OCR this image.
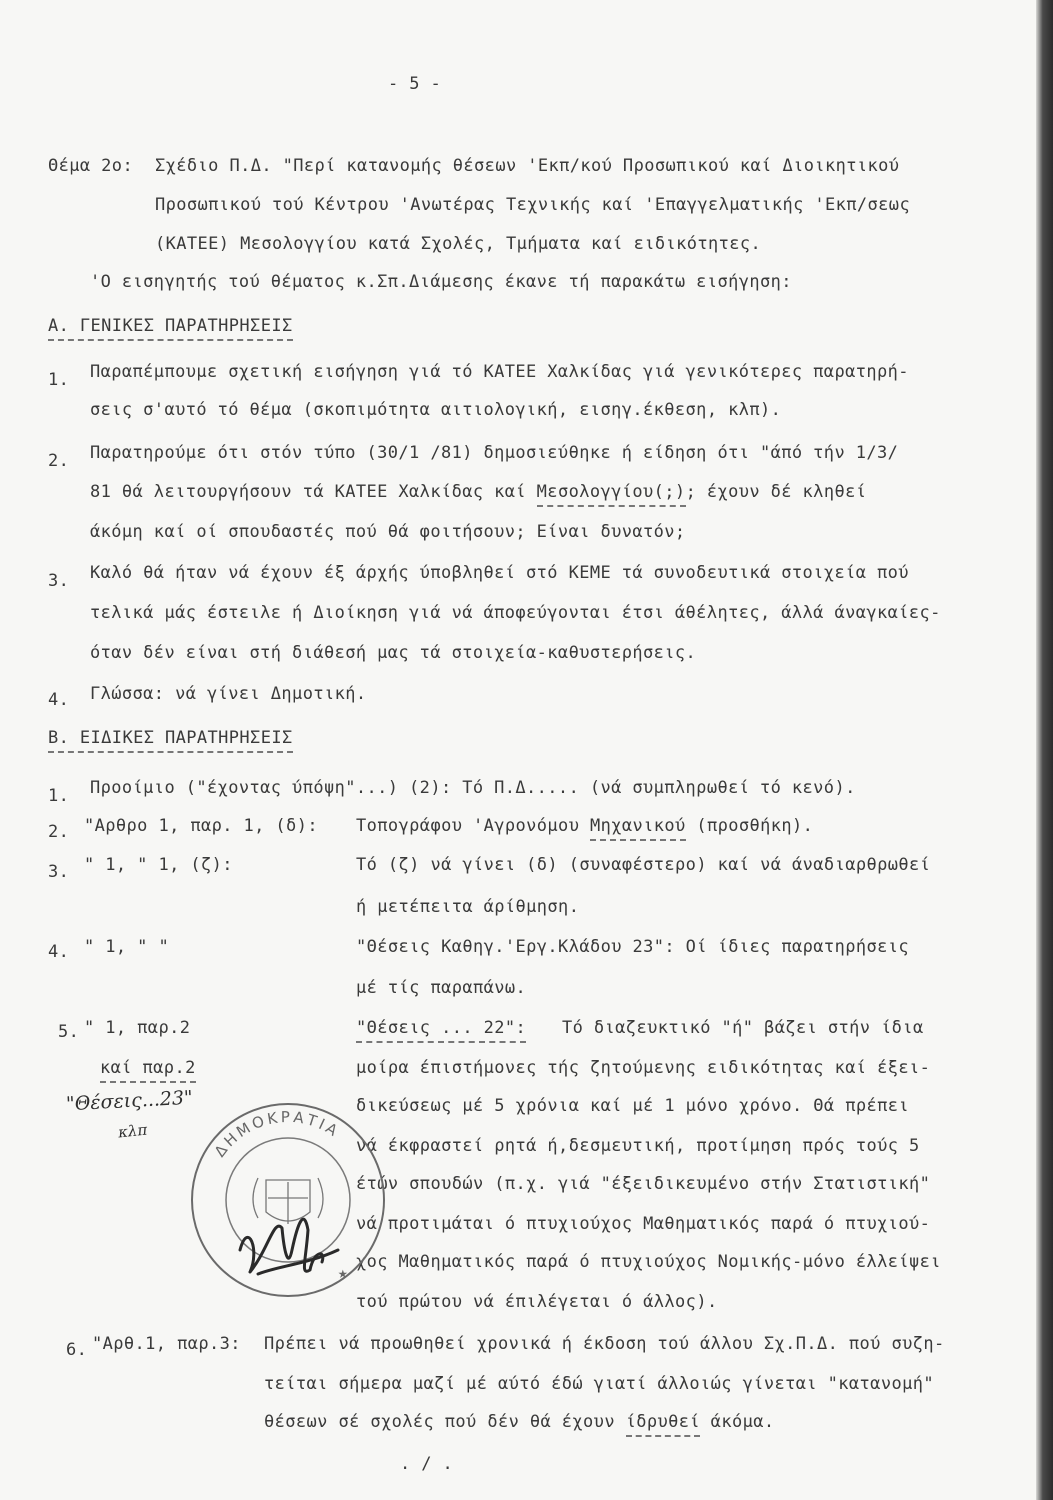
- 5 -
Θέμα 2ο: Σχέδιο Π.Δ. "Περί κατανομής θέσεων 'Εκπ/κού Προσωπικού καί Διοικητικού
Προσωπικού τού Κέντρου 'Ανωτέρας Τεχνικής καί 'Επαγγελματικής 'Εκπ/σεως
(ΚΑΤΕΕ) Μεσολογγίου κατά Σχολές, Τμήματα καί ειδικότητες.
'Ο εισηγητής τού θέματος κ.Σπ.Διάμεσης έκανε τή παρακάτω εισήγηση:
Α. ΓΕΝΙΚΕΣ ΠΑΡΑΤΗΡΗΣΕΙΣ
1. Παραπέμπουμε σχετική εισήγηση γιά τό ΚΑΤΕΕ Χαλκίδας γιά γενικότερες παρατηρή-
σεις σ'αυτό τό θέμα (σκοπιμότητα αιτιολογική, εισηγ.έκθεση, κλπ).
2. Παρατηρούμε ότι στόν τύπο (30/1 /81) δημοσιεύθηκε ή είδηση ότι "άπό τήν 1/3/
81 θά λειτουργήσουν τά ΚΑΤΕΕ Χαλκίδας καί Μεσολογγίου(;); έχουν δέ κληθεί
άκόμη καί οί σπουδαστές πού θά φοιτήσουν; Είναι δυνατόν;
3. Καλό θά ήταν νά έχουν έξ άρχής ύποβληθεί στό ΚΕΜΕ τά συνοδευτικά στοιχεία πού
τελικά μάς έστειλε ή Διοίκηση γιά νά άποφεύγονται έτσι άθέλητες, άλλά άναγκαίες-
όταν δέν είναι στή διάθεσή μας τά στοιχεία-καθυστερήσεις.
4. Γλώσσα: νά γίνει Δημοτική.
Β. ΕΙΔΙΚΕΣ ΠΑΡΑΤΗΡΗΣΕΙΣ
1. Προοίμιο ("έχοντας ύπόψη"...) (2): Τό Π.Δ..... (νά συμπληρωθεί τό κενό).
2. "Αρθρο 1, παρ. 1, (δ): Τοπογράφου 'Αγρονόμου Μηχανικού (προσθήκη).
3. " 1, " 1, (ζ):	Τό (ζ) νά γίνει (δ) (συναφέστερο) καί νά άναδιαρθρωθεί
ή μετέπειτα άρίθμηση.
4. " 1, " "	"Θέσεις Καθηγ.'Εργ.Κλάδου 23": Οί ίδιες παρατηρήσεις
μέ τίς παραπάνω.
5. " 1, παρ.2
καί παρ.2
"Θέσεις ... 22": Τό διαζευκτικό "ή" βάζει στήν ίδια
μοίρα έπιστήμονες τής ζητούμενης ειδικότητας καί έξει-
δικεύσεως μέ 5 χρόνια καί μέ 1 μόνο χρόνο. Θά πρέπει
νά έκφραστεί ρητά ή,δεσμευτική, προτίμηση πρός τούς 5
έτών σπουδών (π.χ. γιά "έξειδικευμένο στήν Στατιστική"
νά προτιμάται ό πτυχιούχος Μαθηματικός παρά ό πτυχιού-
χος Μαθηματικός παρά ό πτυχιούχος Νομικής-μόνο έλλείψει
τού πρώτου νά έπιλέγεται ό άλλος).
"Θέσεις...23"
κλπ
ΔΗΜΟΚΡΑΤΙΑ
★
6. "Αρθ.1, παρ.3: Πρέπει νά προωθηθεί χρονικά ή έκδοση τού άλλου Σχ.Π.Δ. πού συζη-
τείται σήμερα μαζί μέ αύτό έδώ γιατί άλλοιώς γίνεται "κατανομή"
θέσεων σέ σχολές πού δέν θά έχουν ίδρυθεί άκόμα.
. / .
